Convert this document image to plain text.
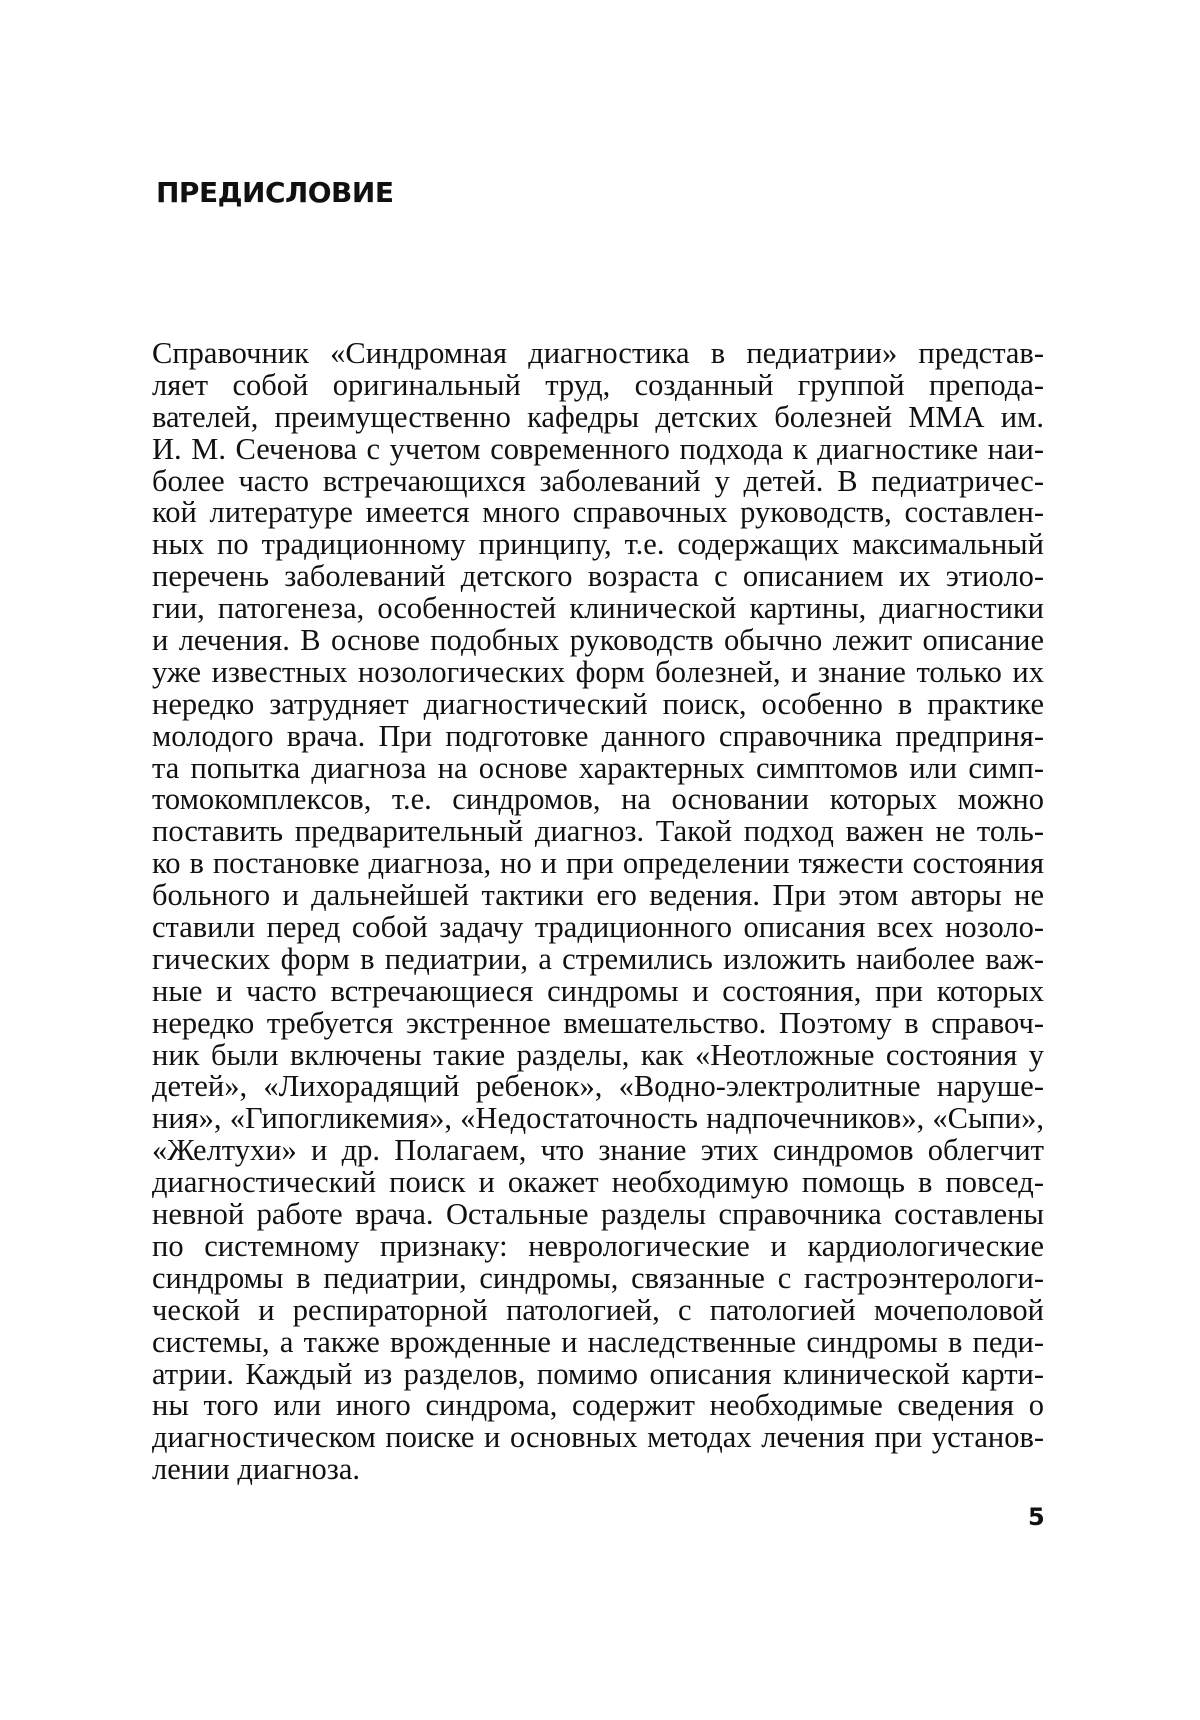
ПРЕДИСЛОВИЕ
Справочник «Синдромная диагностика в педиатрии» представ-
ляет собой оригинальный труд, созданный группой препода-
вателей, преимущественно кафедры детских болезней ММА им.
И. М. Сеченова с учетом современного подхода к диагностике наи-
более часто встречающихся заболеваний у детей. В педиатричес-
кой литературе имеется много справочных руководств, составлен-
ных по традиционному принципу, т.е. содержащих максимальный
перечень заболеваний детского возраста с описанием их этиоло-
гии, патогенеза, особенностей клинической картины, диагностики
и лечения. В основе подобных руководств обычно лежит описание
уже известных нозологических форм болезней, и знание только их
нередко затрудняет диагностический поиск, особенно в практике
молодого врача. При подготовке данного справочника предприня-
та попытка диагноза на основе характерных симптомов или симп-
томокомплексов, т.е. синдромов, на основании которых можно
поставить предварительный диагноз. Такой подход важен не толь-
ко в постановке диагноза, но и при определении тяжести состояния
больного и дальнейшей тактики его ведения. При этом авторы не
ставили перед собой задачу традиционного описания всех нозоло-
гических форм в педиатрии, а стремились изложить наиболее важ-
ные и часто встречающиеся синдромы и состояния, при которых
нередко требуется экстренное вмешательство. Поэтому в справоч-
ник были включены такие разделы, как «Неотложные состояния у
детей», «Лихорадящий ребенок», «Водно-электролитные наруше-
ния», «Гипогликемия», «Недостаточность надпочечников», «Сыпи»,
«Желтухи» и др. Полагаем, что знание этих синдромов облегчит
диагностический поиск и окажет необходимую помощь в повсед-
невной работе врача. Остальные разделы справочника составлены
по системному признаку: неврологические и кардиологические
синдромы в педиатрии, синдромы, связанные с гастроэнтерологи-
ческой и респираторной патологией, с патологией мочеполовой
системы, а также врожденные и наследственные синдромы в педи-
атрии. Каждый из разделов, помимо описания клинической карти-
ны того или иного синдрома, содержит необходимые сведения о
диагностическом поиске и основных методах лечения при установ-
лении диагноза.
5
